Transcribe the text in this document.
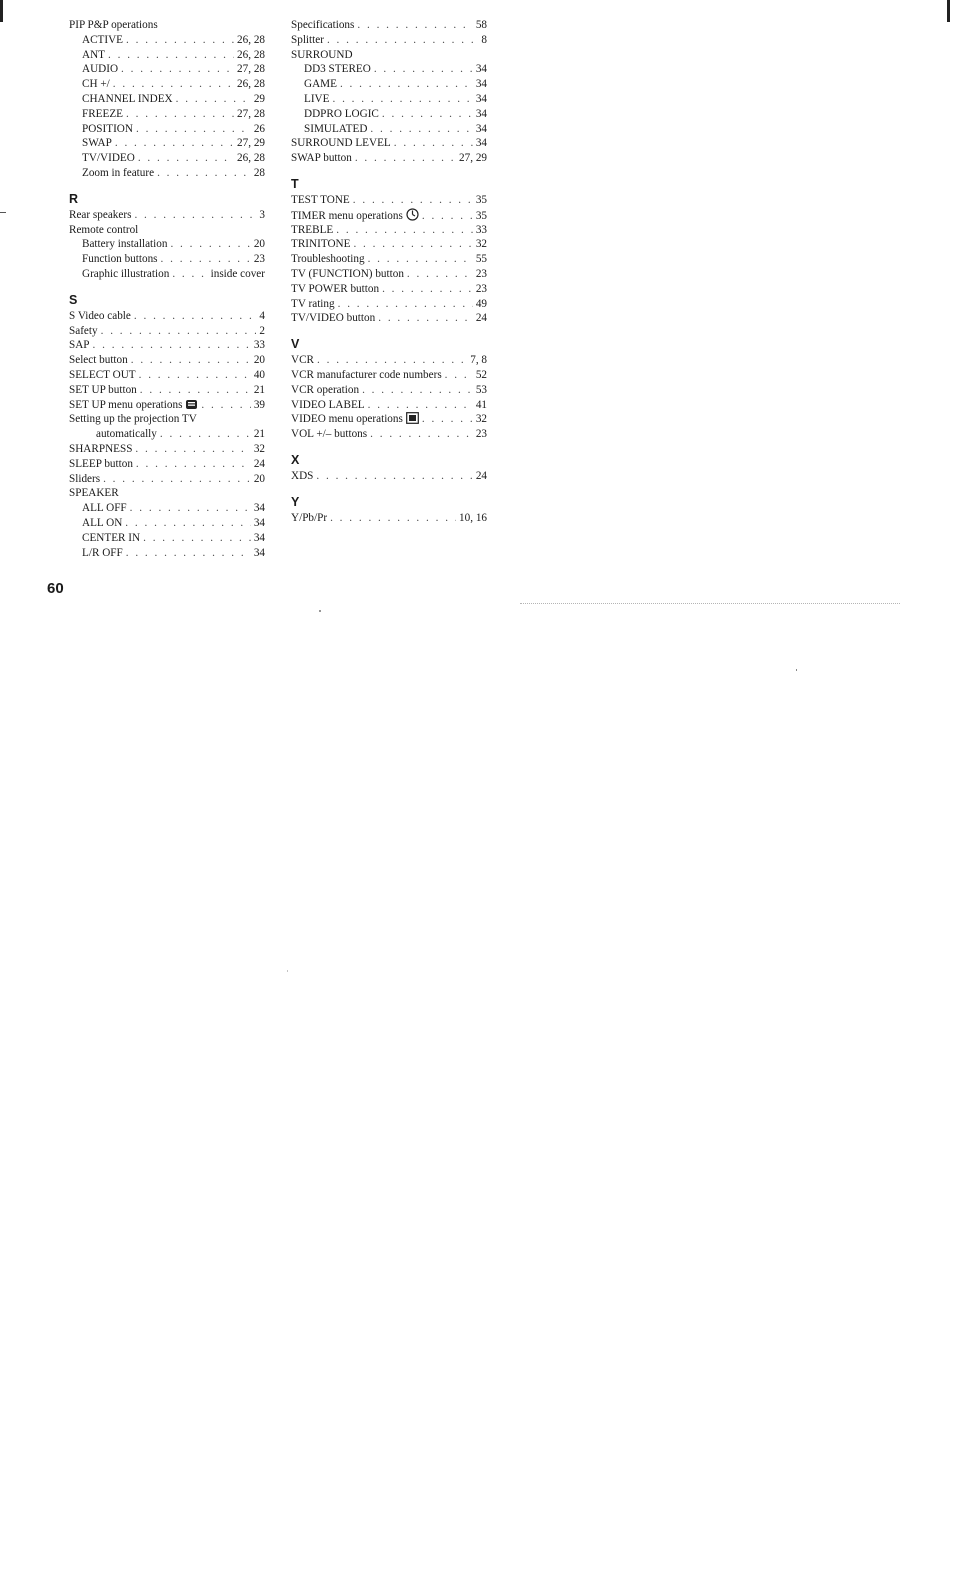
PIP P&P operations
ACTIVE . . .	26, 28
ANT . . .	26, 28
AUDIO . . .	27, 28
CH +/ . . .	26, 28
CHANNEL INDEX . . .	29
FREEZE . . .	27, 28
POSITION . . .	26
SWAP . . .	27, 29
TV/VIDEO . . .	26, 28
Zoom in feature . . .	28
R
Rear speakers . . .	3
Remote control
Battery installation . . .	20
Function buttons . . .	23
Graphic illustration . . .	inside cover
S
S Video cable . . .	4
Safety . . .	2
SAP . . .	33
Select button . . .	20
SELECT OUT . . .	40
SET UP button . . .	21
SET UP menu operations . . .	39
Setting up the projection TV
automatically . . .	21
SHARPNESS . . .	32
SLEEP button . . .	24
Sliders . . .	20
SPEAKER
ALL OFF . . .	34
ALL ON . . .	34
CENTER IN . . .	34
L/R OFF . . .	34
Specifications . . .	58
Splitter . . .	8
SURROUND
DD3 STEREO . . .	34
GAME . . .	34
LIVE . . .	34
DDPRO LOGIC . . .	34
SIMULATED . . .	34
SURROUND LEVEL . . .	34
SWAP button . . .	27, 29
T
TEST TONE . . .	35
TIMER menu operations . . .	35
TREBLE . . .	33
TRINITONE . . .	32
Troubleshooting . . .	55
TV (FUNCTION) button . . .	23
TV POWER button . . .	23
TV rating . . .	49
TV/VIDEO button . . .	24
V
VCR . . .	7, 8
VCR manufacturer code numbers . . .	52
VCR operation . . .	53
VIDEO LABEL . . .	41
VIDEO menu operations . . .	32
VOL +/– buttons . . .	23
X
XDS . . .	24
Y
Y/Pb/Pr . . .	10, 16
60
